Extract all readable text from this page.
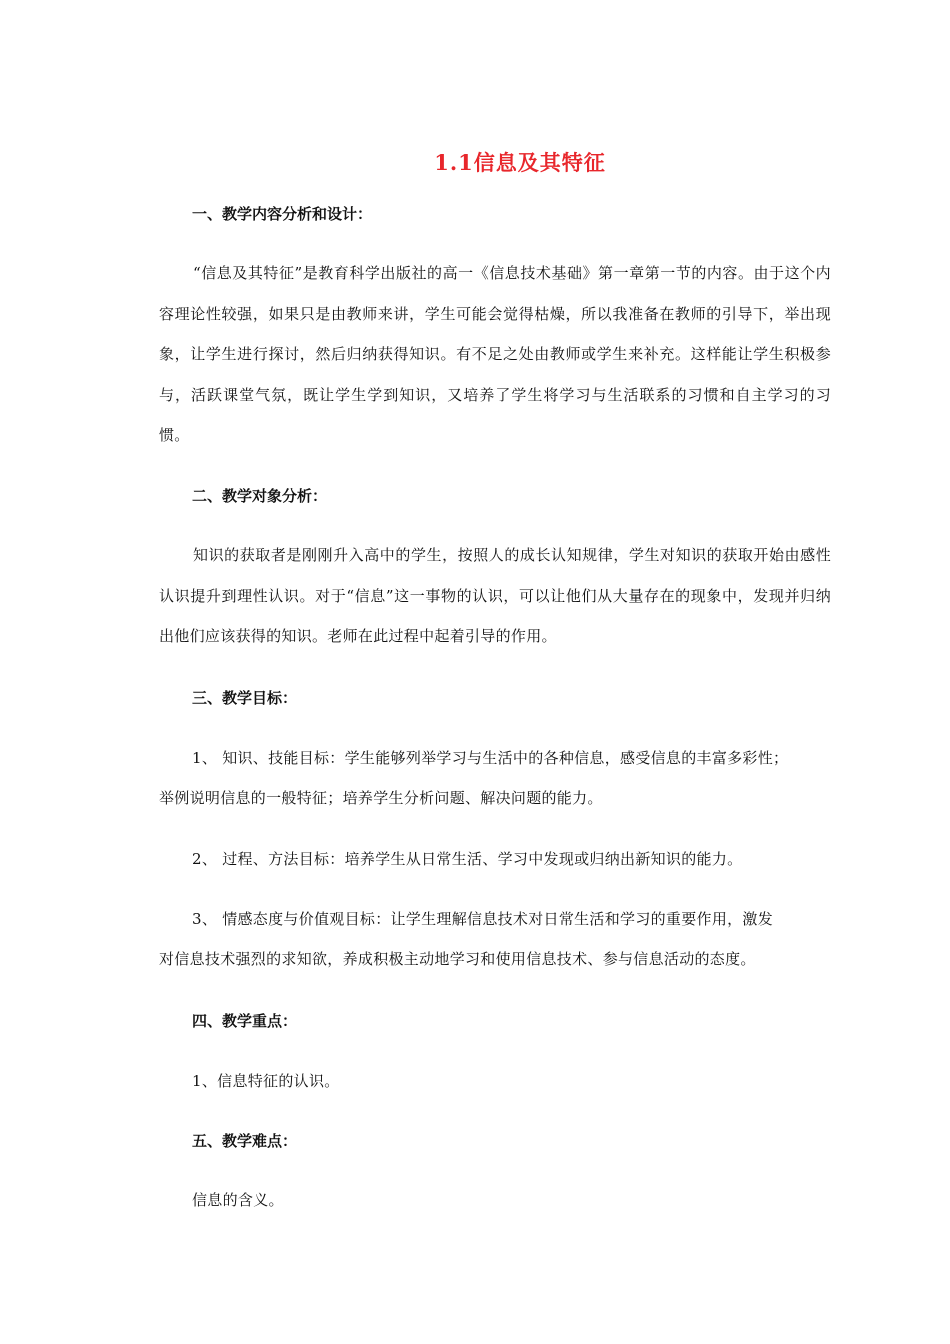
1.1信息及其特征
一、教学内容分析和设计：
“信息及其特征”是教育科学出版社的高一《信息技术基础》第一章第一节的内容。由于这个内容理论性较强，如果只是由教师来讲，学生可能会觉得枯燥，所以我准备在教师的引导下，举出现象，让学生进行探讨，然后归纳获得知识。有不足之处由教师或学生来补充。这样能让学生积极参与，活跃课堂气氛，既让学生学到知识，又培养了学生将学习与生活联系的习惯和自主学习的习惯。
二、教学对象分析：
知识的获取者是刚刚升入高中的学生，按照人的成长认知规律，学生对知识的获取开始由感性认识提升到理性认识。对于“信息”这一事物的认识，可以让他们从大量存在的现象中，发现并归纳出他们应该获得的知识。老师在此过程中起着引导的作用。
三、教学目标：
1、 知识、技能目标：学生能够列举学习与生活中的各种信息，感受信息的丰富多彩性；
举例说明信息的一般特征；培养学生分析问题、解决问题的能力。
2、 过程、方法目标：培养学生从日常生活、学习中发现或归纳出新知识的能力。
3、 情感态度与价值观目标：让学生理解信息技术对日常生活和学习的重要作用，激发
对信息技术强烈的求知欲，养成积极主动地学习和使用信息技术、参与信息活动的态度。
四、教学重点：
1、信息特征的认识。
五、教学难点：
信息的含义。
